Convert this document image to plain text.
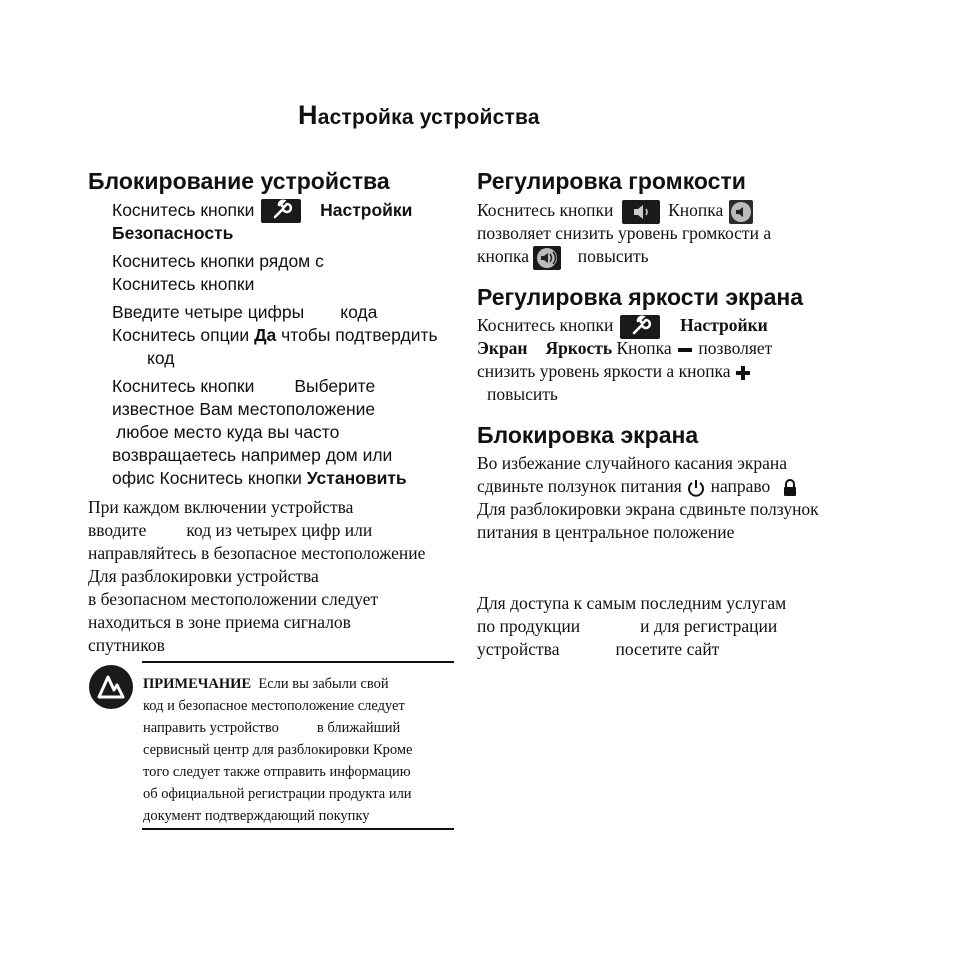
Настройка устройства
Блокирование устройства
Коснитесь кнопки	Настройки
Безопасность
Коснитесь кнопки рядом с
Коснитесь кнопки
Введите четыре цифры кода
Коснитесь опции Да чтобы подтвердить
код
Коснитесь кнопки Выберите
известное Вам местоположение
любое место куда вы часто
возвращаетесь например дом или
офис Коснитесь кнопки Установить
При каждом включении устройства
вводите код из четырех цифр или
направляйтесь в безопасное местоположение
Для разблокировки устройства
в безопасном местоположении следует
находиться в зоне приема сигналов
спутников
ПРИМЕЧАНИЕ Если вы забыли свой
код и безопасное местоположение следует
направить устройство	в ближайший
сервисный центр для разблокировки Кроме
того следует также отправить информацию
об официальной регистрации продукта или
документ подтверждающий покупку
Регулировка громкости
Коснитесь кнопки	Кнопка
позволяет снизить уровень громкости а
кнопка	повысить
Регулировка яркости экрана
Коснитесь кнопки	Настройки
Экран Яркость Кнопка позволяет
снизить уровень яркости а кнопка
повысить
Блокировка экрана
Во избежание случайного касания экрана
сдвиньте ползунок питания направо
Для разблокировки экрана сдвиньте ползунок
питания в центральное положение
Для доступа к самым последним услугам
по продукции	и для регистрации
устройства	посетите сайт
